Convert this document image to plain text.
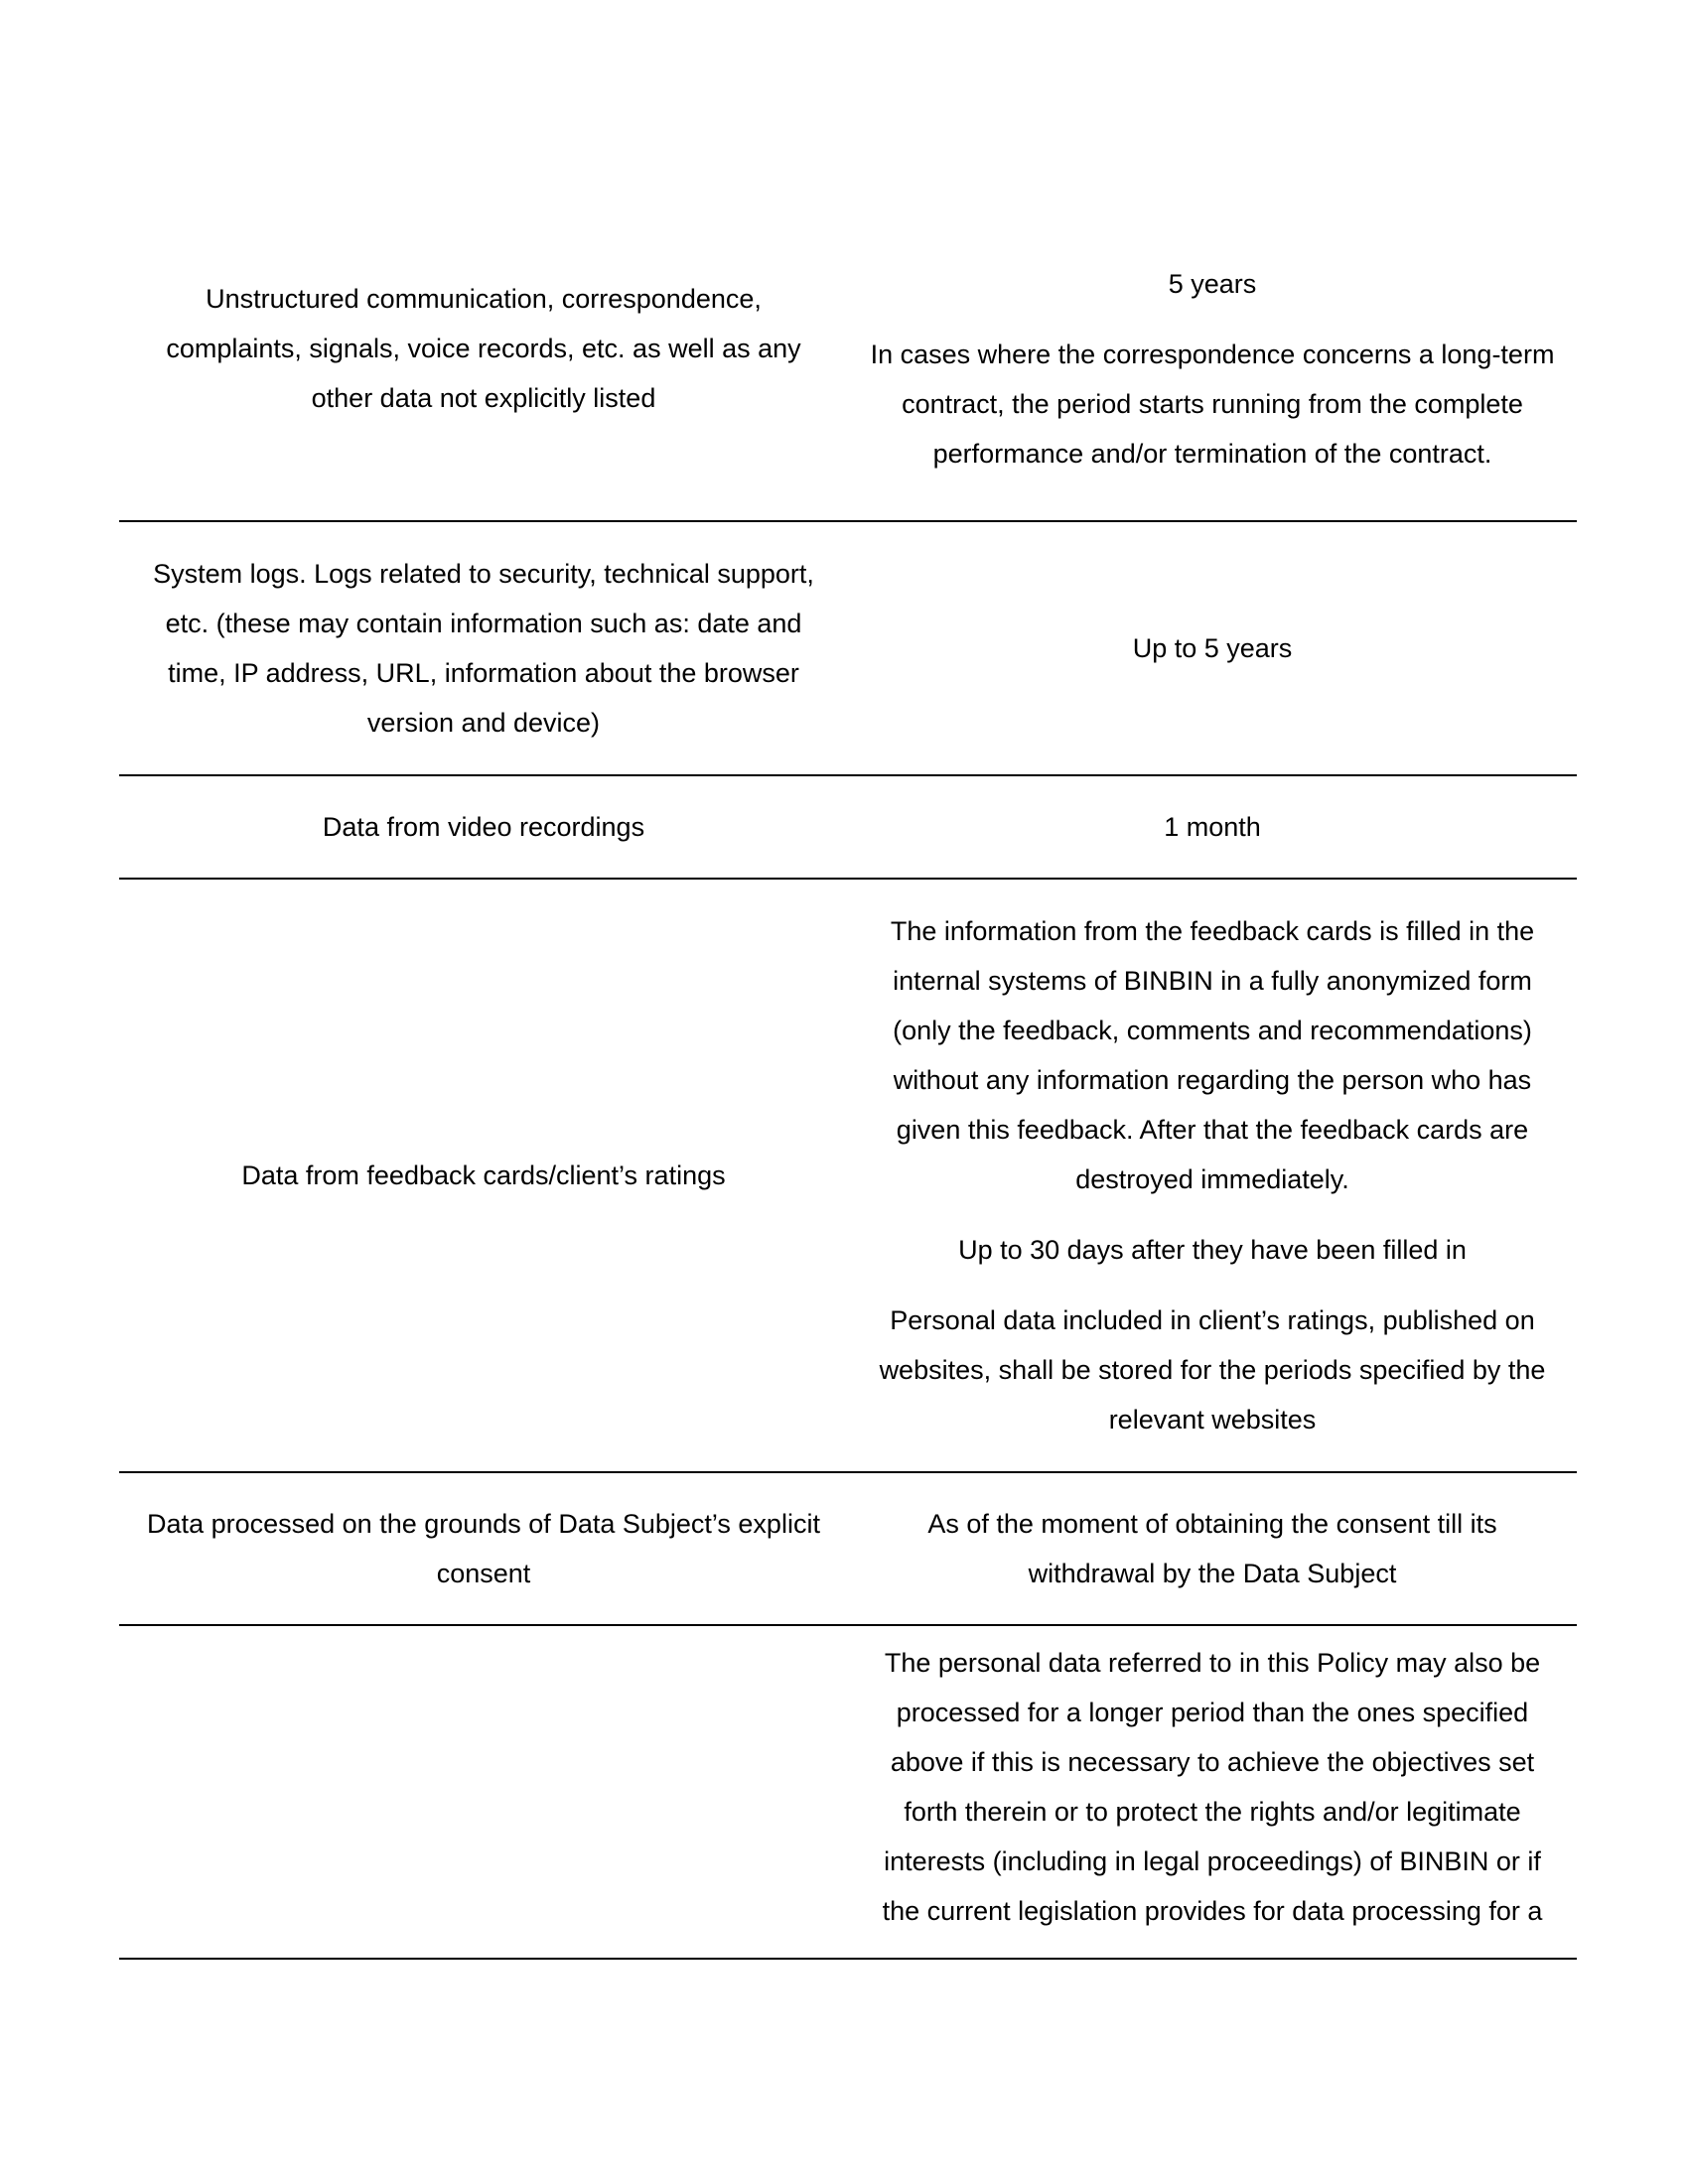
Unstructured communication, correspondence, complaints, signals, voice records, etc. as well as any other data not explicitly listed

5 years

In cases where the correspondence concerns a long-term contract, the period starts running from the complete performance and/or termination of the contract.

System logs. Logs related to security, technical support, etc. (these may contain information such as: date and time, IP address, URL, information about the browser version and device)

Up to 5 years

Data from video recordings	1 month

Data from feedback cards/client’s ratings

The information from the feedback cards is filled in the internal systems of BINBIN in a fully anonymized form (only the feedback, comments and recommendations) without any information regarding the person who has given this feedback. After that the feedback cards are destroyed immediately.

Up to 30 days after they have been filled in

Personal data included in client’s ratings, published on websites, shall be stored for the periods specified by the relevant websites

Data processed on the grounds of Data Subject’s explicit consent

As of the moment of obtaining the consent till its withdrawal by the Data Subject

The personal data referred to in this Policy may also be processed for a longer period than the ones specified above if this is necessary to achieve the objectives set forth therein or to protect the rights and/or legitimate interests (including in legal proceedings) of BINBIN or if the current legislation provides for data processing for a
